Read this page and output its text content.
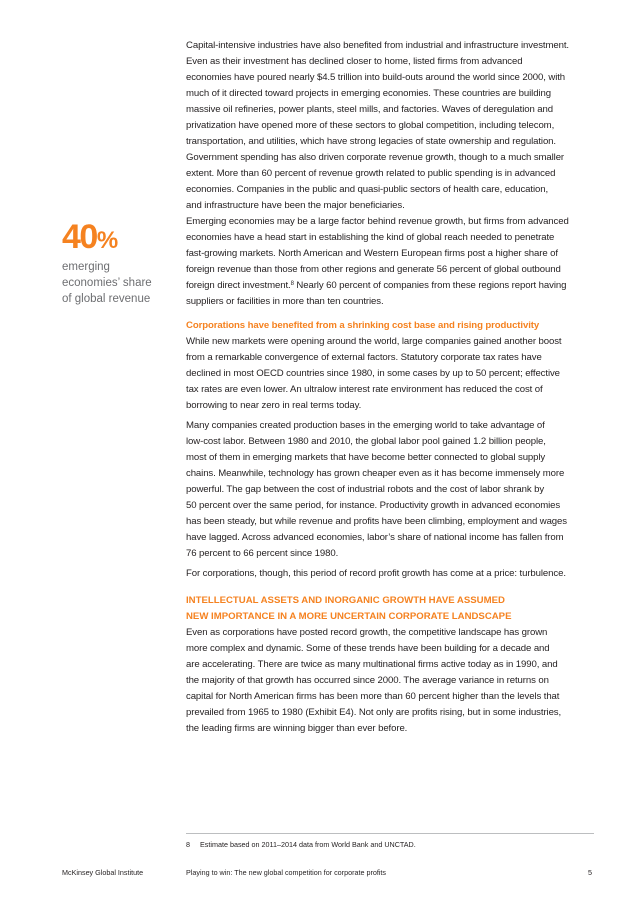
40%
emerging
economies’ share
of global revenue

Capital-intensive industries have also benefited from industrial and infrastructure investment.

Even as their investment has declined closer to home, listed firms from advanced

economies have poured nearly $4.5 trillion into build-outs around the world since 2000, with

much of it directed toward projects in emerging economies. These countries are building

massive oil refineries, power plants, steel mills, and factories. Waves of deregulation and

privatization have opened more of these sectors to global competition, including telecom,

transportation, and utilities, which have strong legacies of state ownership and regulation.

Government spending has also driven corporate revenue growth, though to a much smaller

extent. More than 60 percent of revenue growth related to public spending is in advanced

economies. Companies in the public and quasi-public sectors of health care, education,

and infrastructure have been the major beneficiaries.

Emerging economies may be a large factor behind revenue growth, but firms from advanced

economies have a head start in establishing the kind of global reach needed to penetrate

fast-growing markets. North American and Western European firms post a higher share of

foreign revenue than those from other regions and generate 56 percent of global outbound

foreign direct investment.$^8$ Nearly 60 percent of companies from these regions report having

suppliers or facilities in more than ten countries.

Corporations have benefited from a shrinking cost base and rising productivity

While new markets were opening around the world, large companies gained another boost

from a remarkable convergence of external factors. Statutory corporate tax rates have

declined in most OECD countries since 1980, in some cases by up to 50 percent; effective

tax rates are even lower. An ultralow interest rate environment has reduced the cost of

borrowing to near zero in real terms today.

Many companies created production bases in the emerging world to take advantage of

low-cost labor. Between 1980 and 2010, the global labor pool gained 1.2 billion people,

most of them in emerging markets that have become better connected to global supply

chains. Meanwhile, technology has grown cheaper even as it has become immensely more

powerful. The gap between the cost of industrial robots and the cost of labor shrank by

50 percent over the same period, for instance. Productivity growth in advanced economies

has been steady, but while revenue and profits have been climbing, employment and wages

have lagged. Across advanced economies, labor’s share of national income has fallen from

76 percent to 66 percent since 1980.

For corporations, though, this period of record profit growth has come at a price: turbulence.

INTELLECTUAL ASSETS AND INORGANIC GROWTH HAVE ASSUMED
NEW IMPORTANCE IN A MORE UNCERTAIN CORPORATE LANDSCAPE

Even as corporations have posted record growth, the competitive landscape has grown

more complex and dynamic. Some of these trends have been building for a decade and

are accelerating. There are twice as many multinational firms active today as in 1990, and

the majority of that growth has occurred since 2000. The average variance in returns on

capital for North American firms has been more than 60 percent higher than the levels that

prevailed from 1965 to 1980 (Exhibit E4). Not only are profits rising, but in some industries,

the leading firms are winning bigger than ever before.

8 Estimate based on 2011–2014 data from World Bank and UNCTAD.
McKinsey Global Institute	Playing to win: The new global competition for corporate profits	5
